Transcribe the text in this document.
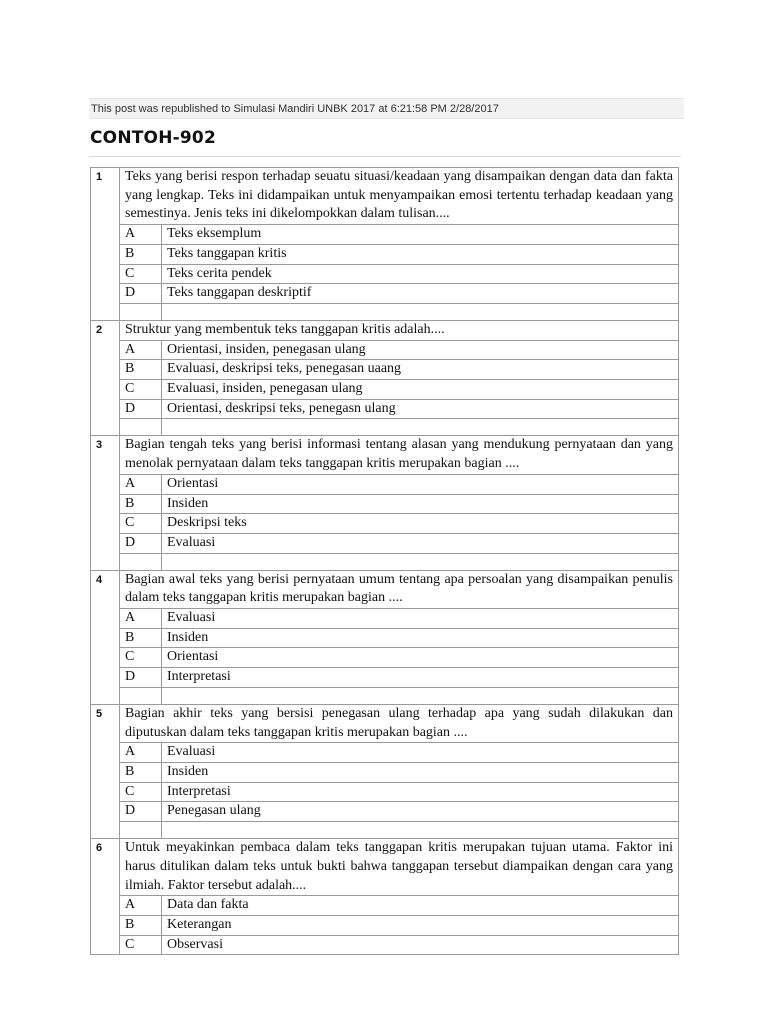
This post was republished to Simulasi Mandiri UNBK 2017 at 6:21:58 PM 2/28/2017
CONTOH-902
1	Teks yang berisi respon terhadap seuatu situasi/keadaan yang disampaikan dengan data dan fakta yang lengkap. Teks ini didampaikan untuk menyampaikan emosi tertentu terhadap keadaan yang semestinya. Jenis teks ini dikelompokkan dalam tulisan....	
	A	Teks eksemplum
	B	Teks tanggapan kritis
	C	Teks cerita pendek
	D	Teks tanggapan deskriptif

2	Struktur yang membentuk teks tanggapan kritis adalah....	
	A	Orientasi, insiden, penegasan ulang
	B	Evaluasi, deskripsi teks, penegasan uaang
	C	Evaluasi, insiden, penegasan ulang
	D	Orientasi, deskripsi teks, penegasn ulang

3	Bagian tengah teks yang berisi informasi tentang alasan yang mendukung pernyataan dan yang menolak pernyataan dalam teks tanggapan kritis merupakan bagian ....	
	A	Orientasi
	B	Insiden
	C	Deskripsi teks
	D	Evaluasi

4	Bagian awal teks yang berisi pernyataan umum tentang apa persoalan yang disampaikan penulis dalam teks tanggapan kritis merupakan bagian ....	
	A	Evaluasi
	B	Insiden
	C	Orientasi
	D	Interpretasi

5	Bagian akhir teks yang bersisi penegasan ulang terhadap apa yang sudah dilakukan dan diputuskan dalam teks tanggapan kritis merupakan bagian ....	
	A	Evaluasi
	B	Insiden
	C	Interpretasi
	D	Penegasan ulang

6	Untuk meyakinkan pembaca dalam teks tanggapan kritis merupakan tujuan utama. Faktor ini harus ditulikan dalam teks untuk bukti bahwa tanggapan tersebut diampaikan dengan cara yang ilmiah. Faktor tersebut adalah....	
	A	Data dan fakta
	B	Keterangan
	C	Observasi
